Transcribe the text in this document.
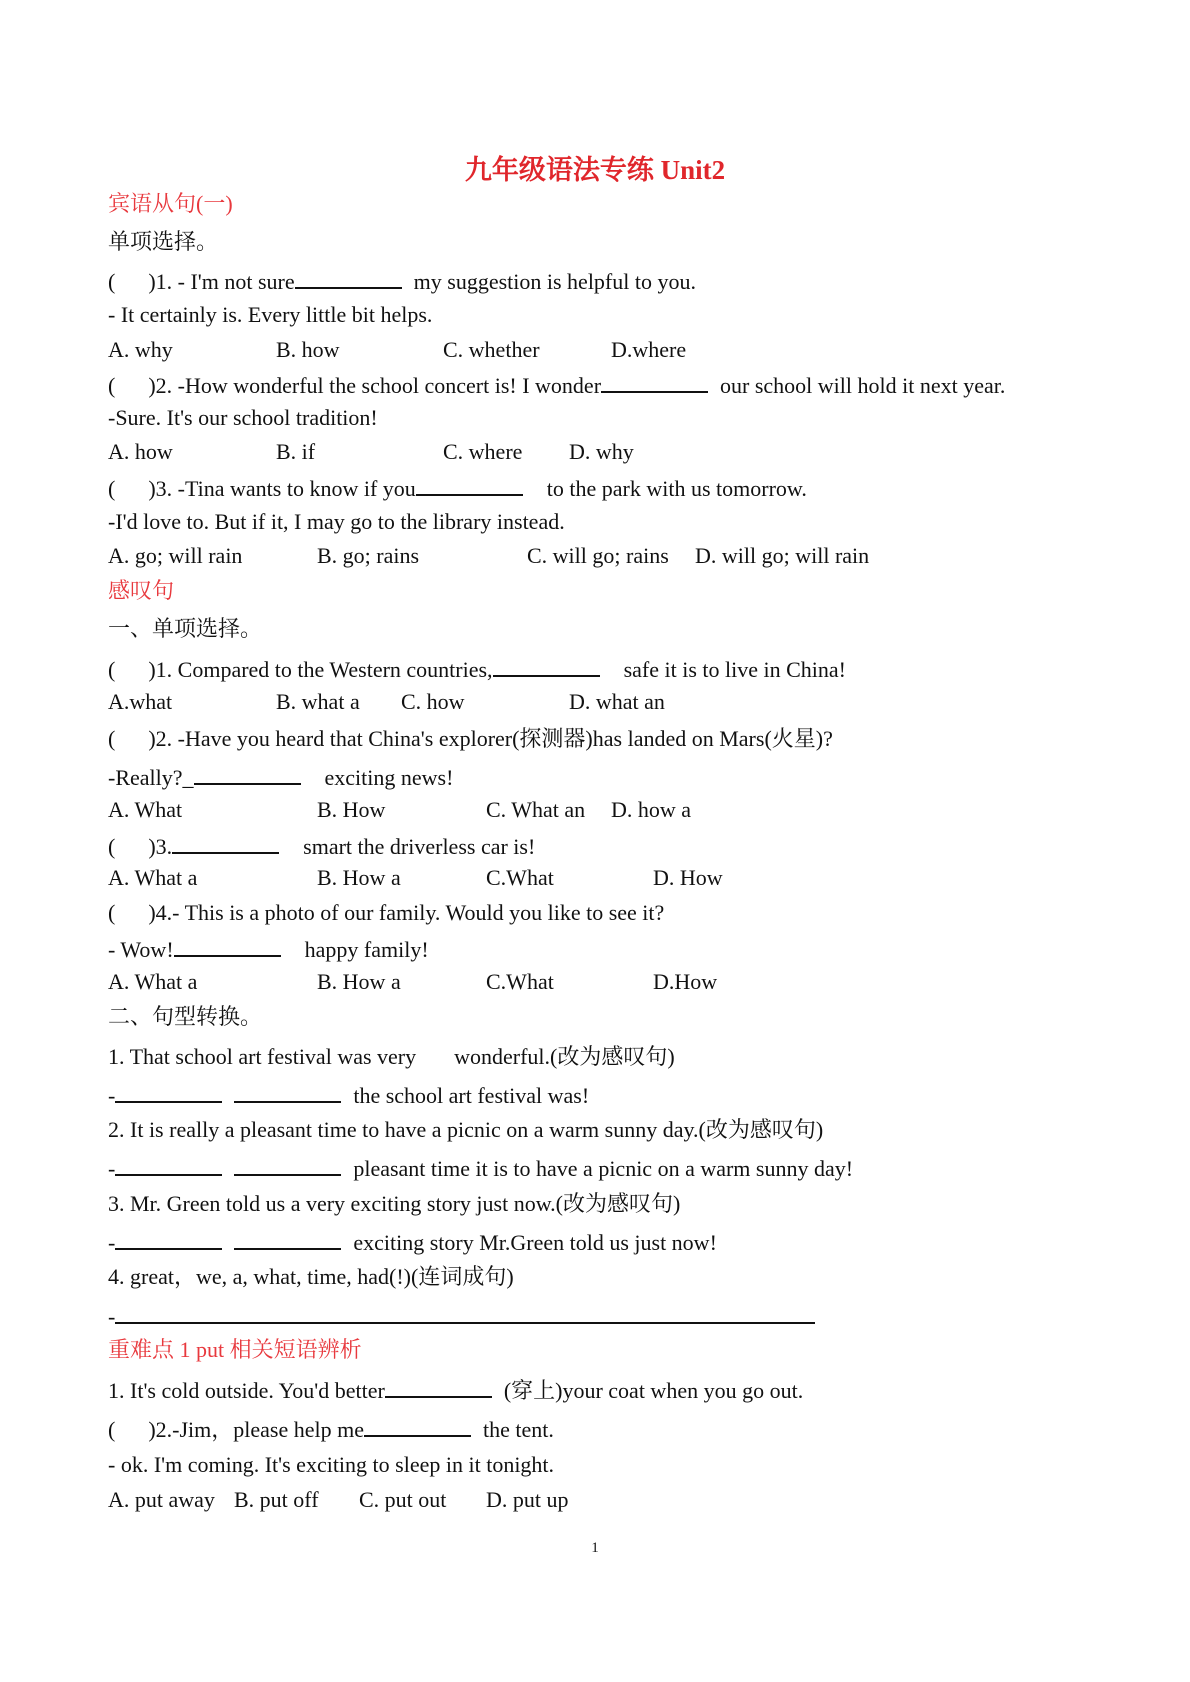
九年级语法专练 Unit2
宾语从句(一)
单项选择。
(      )1. - I'm not sure	my suggestion is helpful to you.
- It certainly is. Every little bit helps.
A. why	B. how	C. whether	D.where
(      )2. -How wonderful the school concert is! I wonder	our school will hold it next year.
-Sure. It's our school tradition!
A. how	B. if	C. where D. why
(      )3. -Tina wants to know if you	to the park with us tomorrow.
-I'd love to. But if it, I may go to the library instead.
A. go; will rain	B. go; rains	C. will go; rains D. will go; will rain
感叹句
一、单项选择。
(      )1. Compared to the Western countries,	safe it is to live in China!
A.what	B. what a C. how	D. what an
(      )2. -Have you heard that China's explorer(探测器)has landed on Mars(火星)?
-Really?_	exciting news!
A. What	B. How	C. What an D. how a
(      )3.	smart the driverless car is!
A. What a	B. How a	C.What	D. How
(      )4.- This is a photo of our family. Would you like to see it?
- Wow!	happy family!
A. What a	B. How a	C.What	D.How
二、句型转换。
1. That school art festival was very wonderful.(改为感叹句)
-	the school art festival was!
2. It is really a pleasant time to have a picnic on a warm sunny day.(改为感叹句)
-	pleasant time it is to have a picnic on a warm sunny day!
3. Mr. Green told us a very exciting story just now.(改为感叹句)
-	exciting story Mr.Green told us just now!
4. great，we, a, what, time, had(!)(连词成句)
-
重难点 1 put 相关短语辨析
1. It's cold outside. You'd better	(穿上)your coat when you go out.
(      )2.-Jim，please help me	the tent.
- ok. I'm coming. It's exciting to sleep in it tonight.
A. put away B. put off C. put out D. put up
1
